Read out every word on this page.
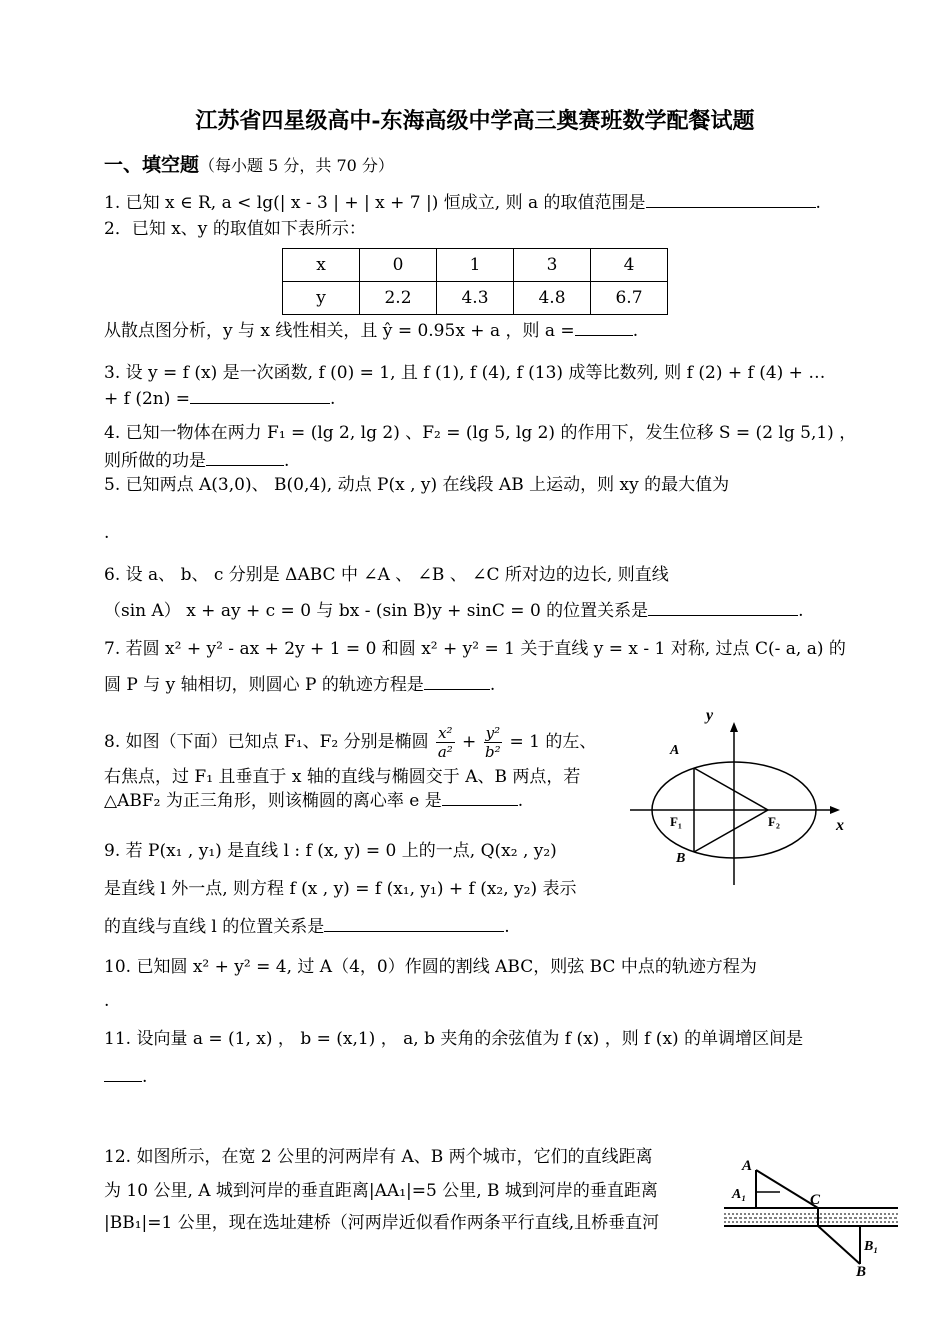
江苏省四星级高中-东海高级中学高三奥赛班数学配餐试题
一、填空题（每小题 5 分，共 70 分）
1. 已知 x ∈ R, a < lg(| x - 3 | + | x + 7 |) 恒成立, 则 a 的取值范围是	.
2．已知 x、y 的取值如下表所示：
x	0	1	3	4
y	2.2	4.3	4.8	6.7
从散点图分析，y 与 x 线性相关，且 ŷ = 0.95x + a ，则 a =	.
3. 设 y = f (x) 是一次函数, f (0) = 1, 且 f (1), f (4), f (13) 成等比数列, 则 f (2) + f (4) + …
+ f (2n) =	.
4. 已知一物体在两力 F₁ = (lg 2, lg 2) 、F₂ = (lg 5, lg 2) 的作用下，发生位移 S = (2 lg 5,1) ，
则所做的功是	.
5. 已知两点 A(3,0)、 B(0,4), 动点 P(x , y) 在线段 AB 上运动，则 xy 的最大值为
.
6. 设 a、 b、 c 分别是 ΔABC 中 ∠A 、 ∠B 、 ∠C 所对边的边长, 则直线
（sin A） x + ay + c = 0 与 bx - (sin B)y + sinC = 0 的位置关系是	.
7. 若圆 x² + y² - ax + 2y + 1 = 0 和圆 x² + y² = 1 关于直线 y = x - 1 对称, 过点 C(- a, a) 的
圆 P 与 y 轴相切，则圆心 P 的轨迹方程是	.
8. 如图（下面）已知点 F₁、F₂ 分别是椭圆 $\frac{\text{x²}}{\text{a²}} + \frac{\text{y²}}{\text{b²}} = 1$ 的左、
右焦点，过 F₁ 且垂直于 x 轴的直线与椭圆交于 A、B 两点，若
△ABF₂ 为正三角形，则该椭圆的离心率 e 是	.
y
x
A
B
F₁	F₂
9. 若 P(x₁ , y₁) 是直线 l : f (x, y) = 0 上的一点, Q(x₂ , y₂)
是直线 l 外一点, 则方程 f (x , y) = f (x₁, y₁) + f (x₂, y₂) 表示
的直线与直线 l 的位置关系是	.
10. 已知圆 x² + y² = 4, 过 A（4，0）作圆的割线 ABC，则弦 BC 中点的轨迹方程为
.
11. 设向量 a = (1, x) ， b = (x,1) ， a, b 夹角的余弦值为 f (x) ，则 f (x) 的单调增区间是
.
12. 如图所示，在宽 2 公里的河两岸有 A、B 两个城市，它们的直线距离
为 10 公里, A 城到河岸的垂直距离|AA₁|=5 公里, B 城到河岸的垂直距离
|BB₁|=1 公里，现在选址建桥（河两岸近似看作两条平行直线,且桥垂直河
A
A₁	C
B₁
B
